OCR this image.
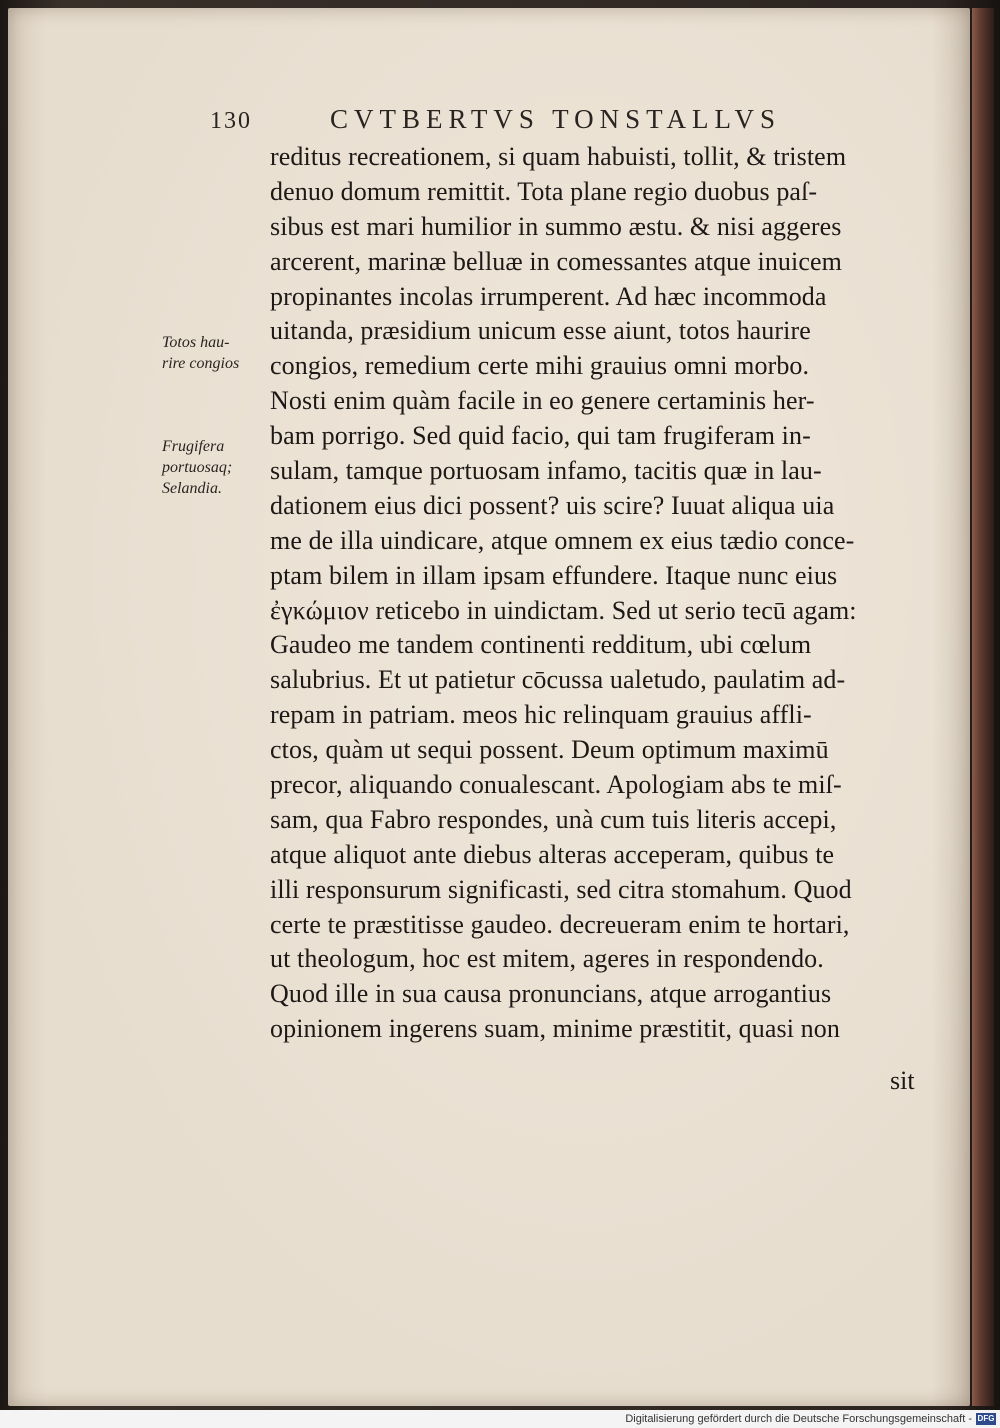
130	CVTBERTVS TONSTALLVS
Totos hau-
rire congios
Frugifera
portuosaq;
Selandia.
reditus recreationem, si quam habuisti, tollit, & tristem
denuo domum remittit. Tota plane regio duobus paſ-
sibus est mari humilior in summo æstu. & nisi aggeres
arcerent, marinæ belluæ in comessantes atque inuicem
propinantes incolas irrumperent. Ad hæc incommoda
uitanda, præsidium unicum esse aiunt, totos haurire
congios, remedium certe mihi grauius omni morbo.
Nosti enim quàm facile in eo genere certaminis her-
bam porrigo. Sed quid facio, qui tam frugiferam in-
sulam, tamque portuosam infamo, tacitis quæ in lau-
dationem eius dici possent? uis scire? Iuuat aliqua uia
me de illa uindicare, atque omnem ex eius tædio conce-
ptam bilem in illam ipsam effundere. Itaque nunc eius
ἐγκώμιον reticebo in uindictam. Sed ut serio tecū agam:
Gaudeo me tandem continenti redditum, ubi cœlum
salubrius. Et ut patietur cōcussa ualetudo, paulatim ad-
repam in patriam. meos hic relinquam grauius affli-
ctos, quàm ut sequi possent. Deum optimum maximū
precor, aliquando conualescant. Apologiam abs te miſ-
sam, qua Fabro respondes, unà cum tuis literis accepi,
atque aliquot ante diebus alteras acceperam, quibus te
illi responsurum significasti, sed citra stomahum. Quod
certe te præstitisse gaudeo. decreueram enim te hortari,
ut theologum, hoc est mitem, ageres in respondendo.
Quod ille in sua causa pronuncians, atque arrogantius
opinionem ingerens suam, minime præstitit, quasi non
sit
Digitalisierung gefördert durch die Deutsche Forschungsgemeinschaft - DFG
